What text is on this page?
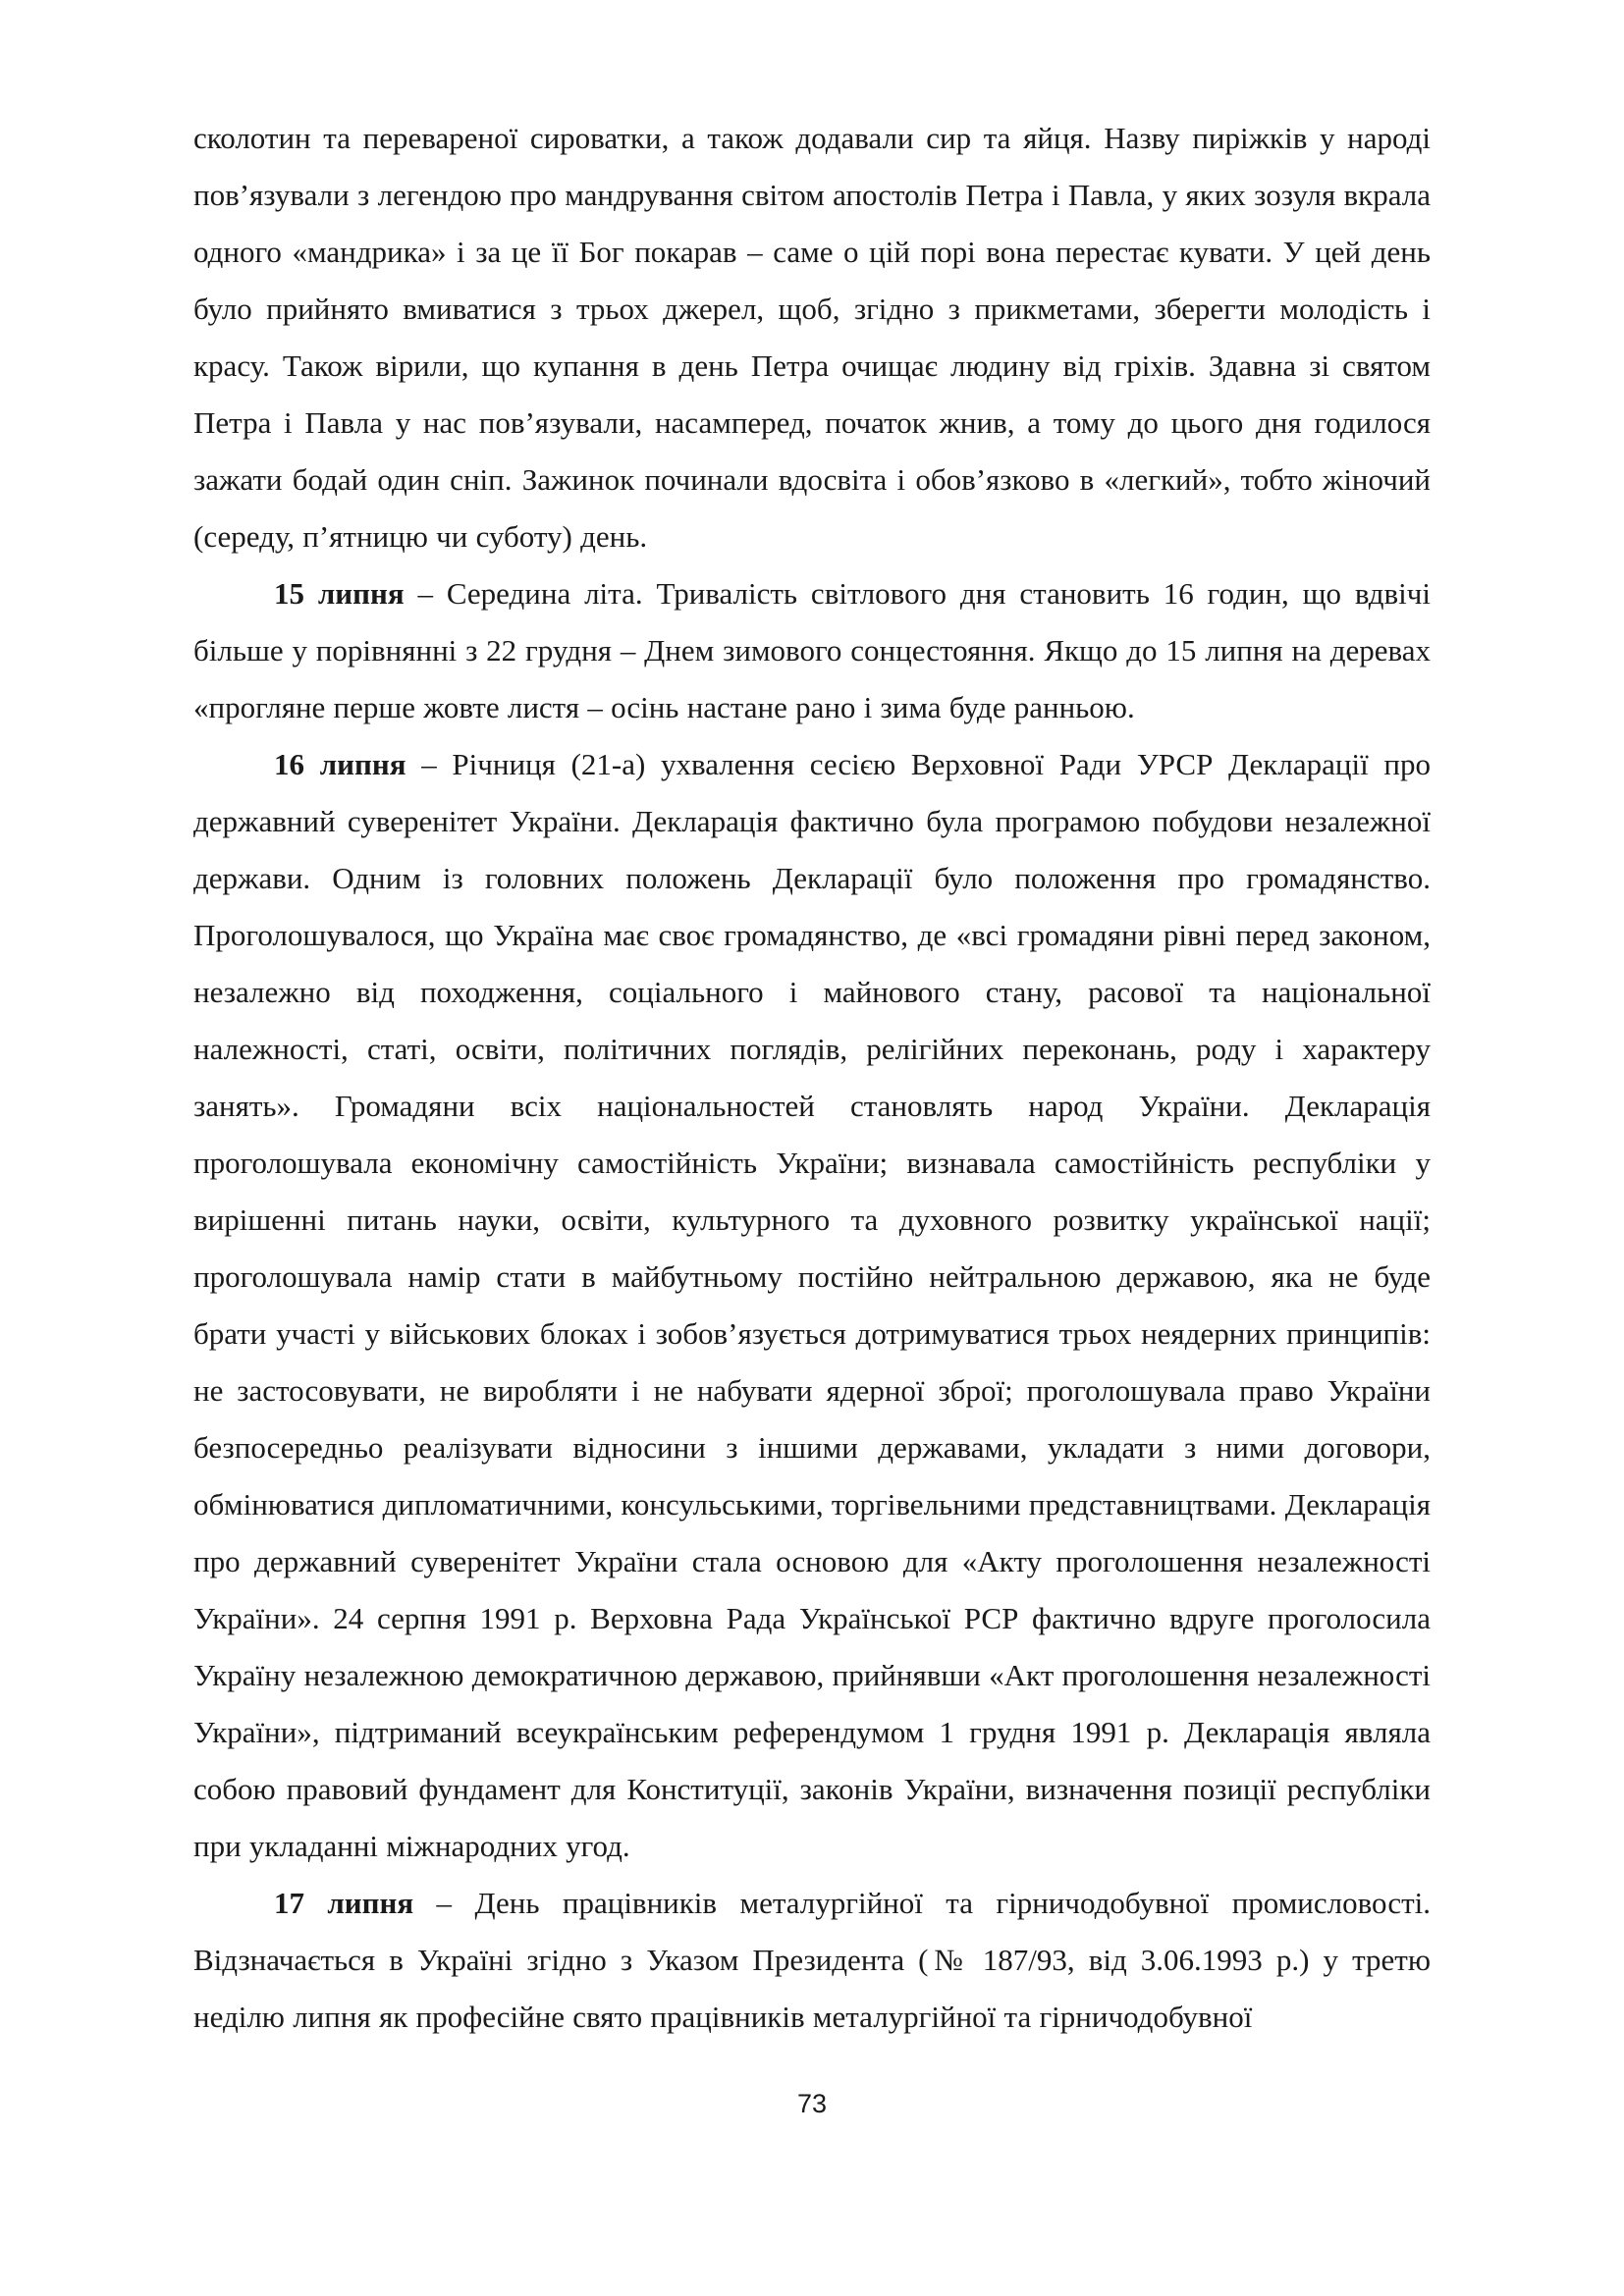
сколотин та перевареної сироватки, а також додавали сир та яйця. Назву пиріжків у народі пов’язували з легендою про мандрування світом апостолів Петра і Павла, у яких зозуля вкрала одного «мандрика» і за це її Бог покарав – саме о цій порі вона перестає кувати. У цей день було прийнято вмиватися з трьох джерел, щоб, згідно з прикметами, зберегти молодість і красу. Також вірили, що купання в день Петра очищає людину від гріхів. Здавна зі святом Петра і Павла у нас пов’язували, насамперед, початок жнив, а тому до цього дня годилося зажати бодай один сніп. Зажинок починали вдосвіта і обов’язково в «легкий», тобто жіночий (середу, п’ятницю чи суботу) день.

15 липня – Середина літа. Тривалість світлового дня становить 16 годин, що вдвічі більше у порівнянні з 22 грудня – Днем зимового сонцестояння. Якщо до 15 липня на деревах «прогляне перше жовте листя – осінь настане рано і зима буде ранньою.

16 липня – Річниця (21-а) ухвалення сесією Верховної Ради УРСР Декларації про державний суверенітет України. Декларація фактично була програмою побудови незалежної держави. Одним із головних положень Декларації було положення про громадянство. Проголошувалося, що Україна має своє громадянство, де «всі громадяни рівні перед законом, незалежно від походження, соціального і майнового стану, расової та національної належності, статі, освіти, політичних поглядів, релігійних переконань, роду і характеру занять». Громадяни всіх національностей становлять народ України. Декларація проголошувала економічну самостійність України; визнавала самостійність республіки у вирішенні питань науки, освіти, культурного та духовного розвитку української нації; проголошувала намір стати в майбутньому постійно нейтральною державою, яка не буде брати участі у військових блоках і зобов’язується дотримуватися трьох неядерних принципів: не застосовувати, не виробляти і не набувати ядерної зброї; проголошувала право України безпосередньо реалізувати відносини з іншими державами, укладати з ними договори, обмінюватися дипломатичними, консульськими, торгівельними представництвами. Декларація про державний суверенітет України стала основою для «Акту проголошення незалежності України». 24 серпня 1991 р. Верховна Рада Української РСР фактично вдруге проголосила Україну незалежною демократичною державою, прийнявши «Акт проголошення незалежності України», підтриманий всеукраїнським референдумом 1 грудня 1991 р. Декларація являла собою правовий фундамент для Конституції, законів України, визначення позиції республіки при укладанні міжнародних угод.

17 липня – День працівників металургійної та гірничодобувної промисловості. Відзначається в Україні згідно з Указом Президента (№ 187/93, від 3.06.1993 р.) у третю неділю липня як професійне свято працівників металургійної та гірничодобувної

73
